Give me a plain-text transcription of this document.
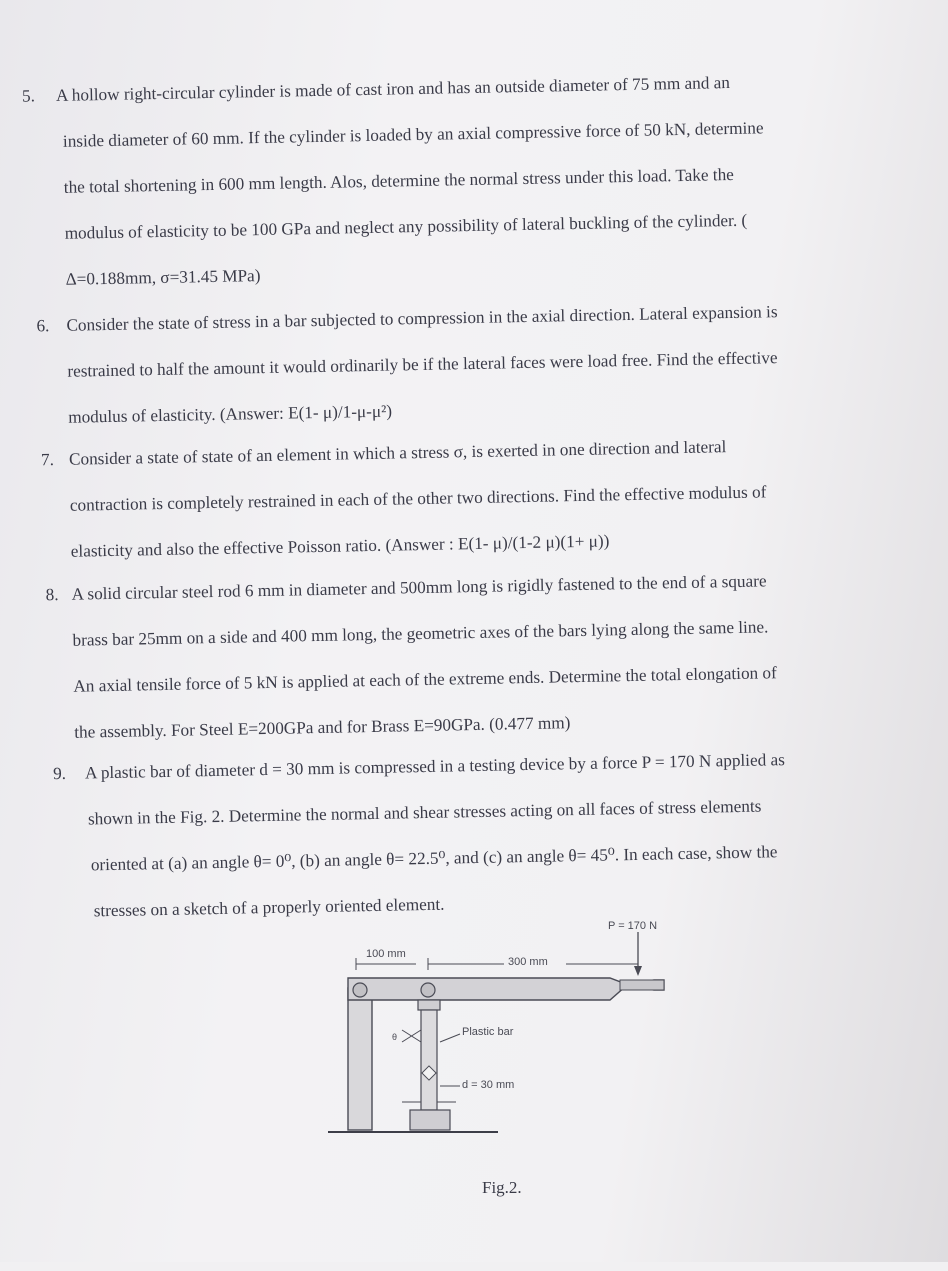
5.	A hollow right-circular cylinder is made of cast iron and has an outside diameter of 75 mm and an
inside diameter of 60 mm. If the cylinder is loaded by an axial compressive force of 50 kN, determine
the total shortening in 600 mm length. Alos, determine the normal stress under this load. Take the
modulus of elasticity to be 100 GPa and neglect any possibility of lateral buckling of the cylinder. (
Δ=0.188mm, σ=31.45 MPa)
6. Consider the state of stress in a bar subjected to compression in the axial direction. Lateral expansion is
restrained to half the amount it would ordinarily be if the lateral faces were load free. Find the effective
modulus of elasticity. (Answer: E(1- μ)/1-μ-μ²)
7. Consider a state of state of an element in which a stress σ, is exerted in one direction and lateral
contraction is completely restrained in each of the other two directions. Find the effective modulus of
elasticity and also the effective Poisson ratio. (Answer : E(1- μ)/(1-2 μ)(1+ μ))
8. A solid circular steel rod 6 mm in diameter and 500mm long is rigidly fastened to the end of a square
brass bar 25mm on a side and 400 mm long, the geometric axes of the bars lying along the same line.
An axial tensile force of 5 kN is applied at each of the extreme ends. Determine the total elongation of
the assembly. For Steel E=200GPa and for Brass E=90GPa. (0.477 mm)
9.	A plastic bar of diameter d = 30 mm is compressed in a testing device by a force P = 170 N applied as
shown in the Fig. 2. Determine the normal and shear stresses acting on all faces of stress elements
oriented at (a) an angle θ= 0⁰, (b) an angle θ= 22.5⁰, and (c) an angle θ= 45⁰. In each case, show the
stresses on a sketch of a properly oriented element.
P = 170 N
100 mm
300 mm
Plastic bar
d = 30 mm
θ
Fig.2.
